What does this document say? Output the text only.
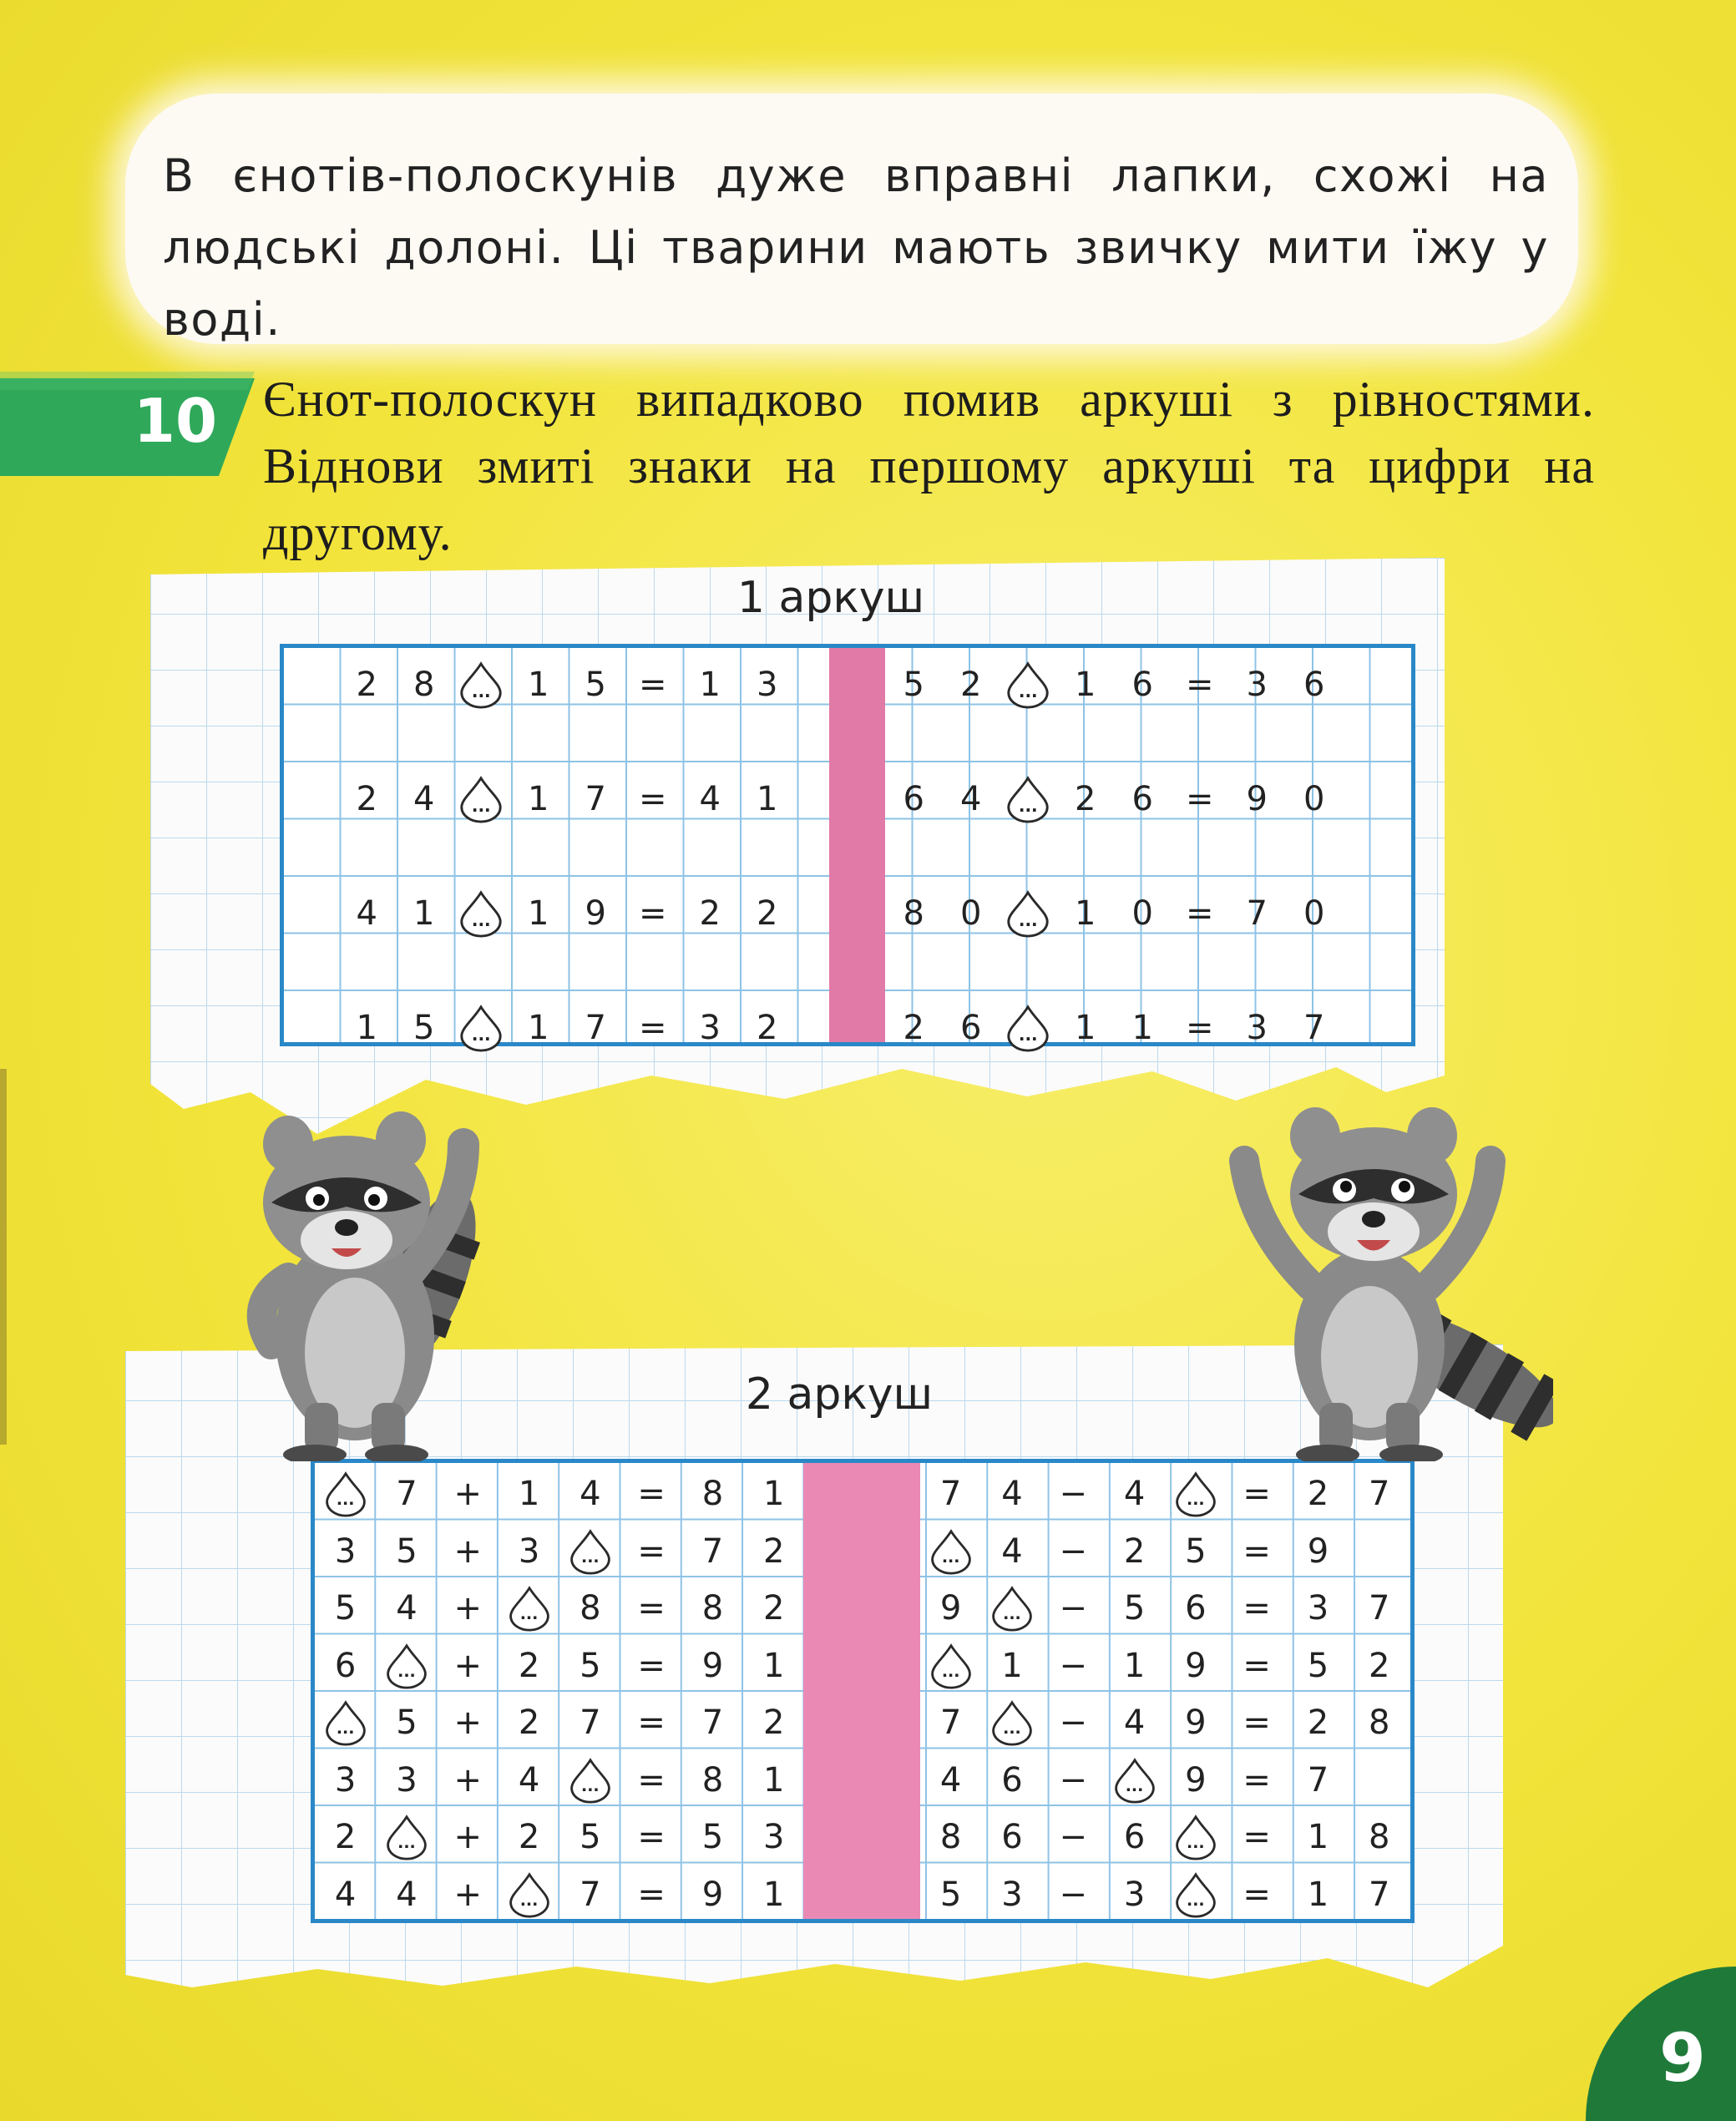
В єнотів-полоскунів дуже вправні лапки, схожі на людські долоні. Ці тварини мають звичку мити їжу у воді.
10 Єнот-полоскун випадково помив аркуші з рівностями. Віднови змиті знаки на першому аркуші та цифри на другому.
1 аркуш
2	8	...	1	5 = 1	3	5	2	...	1	6 = 3	6
2	4	...	1	7 = 4	1	6	4	...	2	6 = 9	0
4	1	...	1	9 = 2	2	8	0	...	1	0 = 7	0
1	5	...	1	7 = 3	2	2	6	...	1	1 = 3	7
2 аркуш
...	7	+	1	4	=	8	1	7	4	−	4	...	=	2	7
3	5	+	3	...	=	7	2	...	4	−	2	5	=	9
5	4	+	...	8	=	8	2	9	...	−	5	6	=	3	7
6	...	+	2	5	=	9	1	...	1	−	1	9	=	5	2
...	5	+	2	7	=	7	2	7	...	−	4	9	=	2	8
3	3	+	4	...	=	8	1	4	6	−	...	9	=	7
2	...	+	2	5	=	5	3	8	6	−	6	...	=	1	8
4	4	+	...	7	=	9	1	5	3	−	3	...	=	1	7
9
